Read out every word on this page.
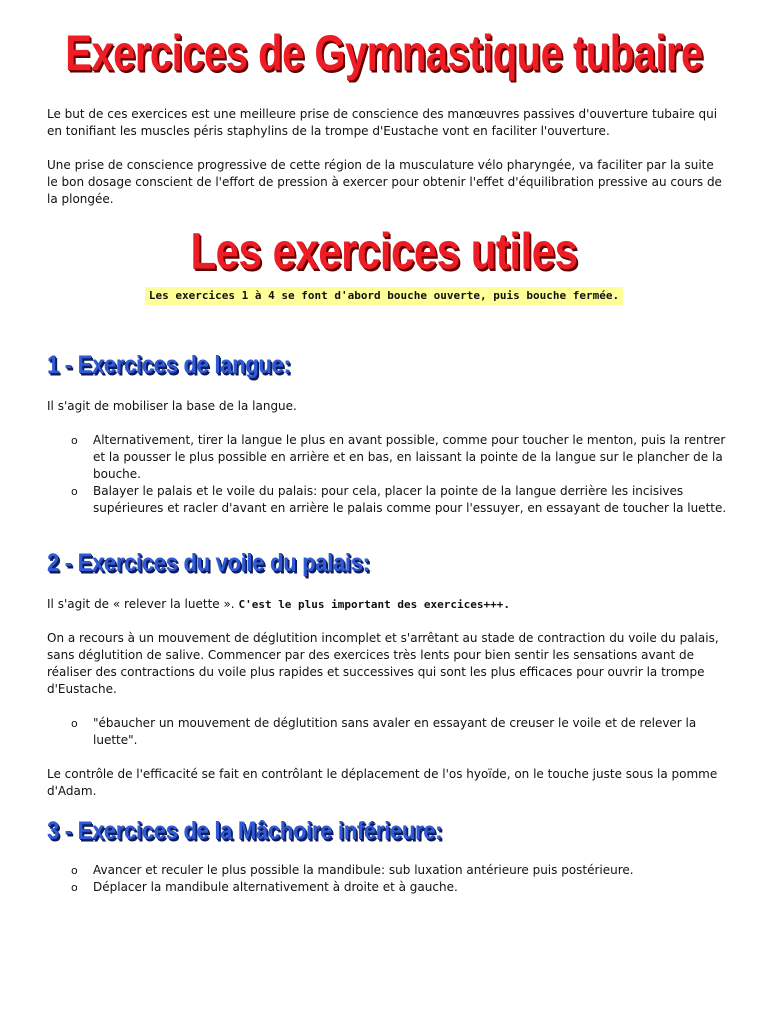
Exercices de Gymnastique tubaire

Le but de ces exercices est une meilleure prise de conscience des manœuvres passives d'ouverture tubaire qui en tonifiant les muscles péris staphylins de la trompe d'Eustache vont en faciliter l'ouverture.

Une prise de conscience progressive de cette région de la musculature vélo pharyngée, va faciliter par la suite le bon dosage conscient de l'effort de pression à exercer pour obtenir l'effet d'équilibration pressive au cours de la plongée.

Les exercices utiles

Les exercices 1 à 4 se font d'abord bouche ouverte, puis bouche fermée.

1 - Exercices de langue:

Il s'agit de mobiliser la base de la langue.

o Alternativement, tirer la langue le plus en avant possible, comme pour toucher le menton, puis la rentrer et la pousser le plus possible en arrière et en bas, en laissant la pointe de la langue sur le plancher de la bouche.
o Balayer le palais et le voile du palais: pour cela, placer la pointe de la langue derrière les incisives supérieures et racler d'avant en arrière le palais comme pour l'essuyer, en essayant de toucher la luette.
2 - Exercices du voile du palais:

Il s'agit de « relever la luette ». C'est le plus important des exercices+++.

On a recours à un mouvement de déglutition incomplet et s'arrêtant au stade de contraction du voile du palais, sans déglutition de salive. Commencer par des exercices très lents pour bien sentir les sensations avant de réaliser des contractions du voile plus rapides et successives qui sont les plus efficaces pour ouvrir la trompe d'Eustache.

o "ébaucher un mouvement de déglutition sans avaler en essayant de creuser le voile et de relever la luette".

Le contrôle de l'efficacité se fait en contrôlant le déplacement de l'os hyoïde, on le touche juste sous la pomme d'Adam.

3 - Exercices de la Mâchoire inférieure:
o Avancer et reculer le plus possible la mandibule: sub luxation antérieure puis postérieure.
o Déplacer la mandibule alternativement à droite et à gauche.
